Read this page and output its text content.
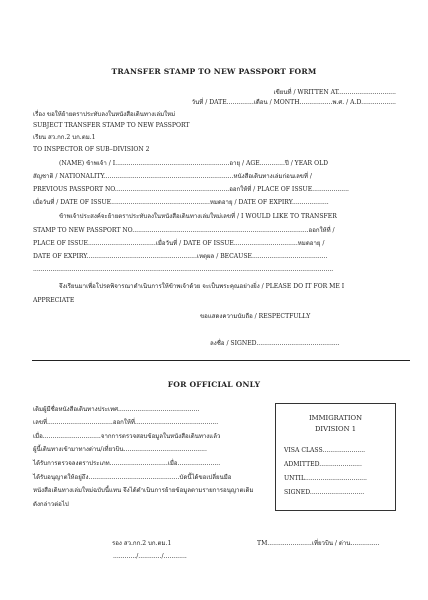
TRANSFER STAMP TO NEW PASSPORT FORM
เขียนที่ / WRITTEN AT..............................
วันที่ / DATE..............เดือน / MONTH.................พ.ศ. / A.D..................
เรื่อง ขอให้ย้ายตราประทับลงในหนังสือเดินทางเล่มใหม่
SUBJECT TRANSFER STAMP TO NEW PASSPORT
เรียน สว.กก.2 บก.ตม.1
TO INSPECTOR OF SUB–DIVISION 2
(NAME) ข้าพเจ้า / I...........................................................อายุ / AGE.............ปี / YEAR OLD
สัญชาติ / NATIONALITY...................................................................หนังสือเดินทางเล่มก่อนเลขที่ /
PREVIOUS PASSPORT NO...........................................................ออกให้ที่ / PLACE OF ISSUE...................
เมื่อวันที่ / DATE OF ISSUE...................................................หมดอายุ / DATE OF EXPIRY...................
ข้าพเจ้าประสงค์จะย้ายตราประทับลงในหนังสือเดินทางเล่มใหม่เลขที่ / I WOULD LIKE TO TRANSFER
STAMP TO NEW PASSPORT NO...........................................................................................ออกให้ที่ /
PLACE OF ISSUE...................................เมื่อวันที่ / DATE OF ISSUE.................................หมดอายุ /
DATE OF EXPIRY.........................................................เหตุผล / BECAUSE.......................................
...........................................................................................................................................................
จึงเรียนมาเพื่อโปรดพิจารณาดำเนินการให้ข้าพเจ้าด้วย จะเป็นพระคุณอย่างยิ่ง / PLEASE DO IT FOR ME I
APPRECIATE
ขอแสดงความนับถือ / RESPECTFULLY
ลงชื่อ / SIGNED...........................................
FOR OFFICIAL ONLY
เดิมผู้มีชื่อหนังสือเดินทางประเทศ..........................................
เลขที่..................................ออกให้ที่...........................................
เมื่อ..............................จากการตรวจสอบข้อมูลในหนังสือเดินทางแล้ว
ผู้นี้เดินทางเข้ามาทางด่าน/เที่ยวบิน...........................................
ได้รับการตรวจลงตราประเภท..............................เมื่อ......................
ได้รับอนุญาตให้อยู่ถึง...............................................บัดนี้ได้ขอเปลี่ยนมือ
หนังสือเดินทางเล่มใหม่ฉบับนี้แทน จึงได้ดำเนินการย้ายข้อมูลตามรายการอนุญาตเดิม
ดังกล่าวต่อไป
IMMIGRATION
DIVISION 1
VISA CLASS......................
ADMITTED......................
UNTIL................................
SIGNED............................
รอง สว.กก.2 บก.ตม.1
............/............/............
TM.......................เที่ยวบิน / ด่าน...............
